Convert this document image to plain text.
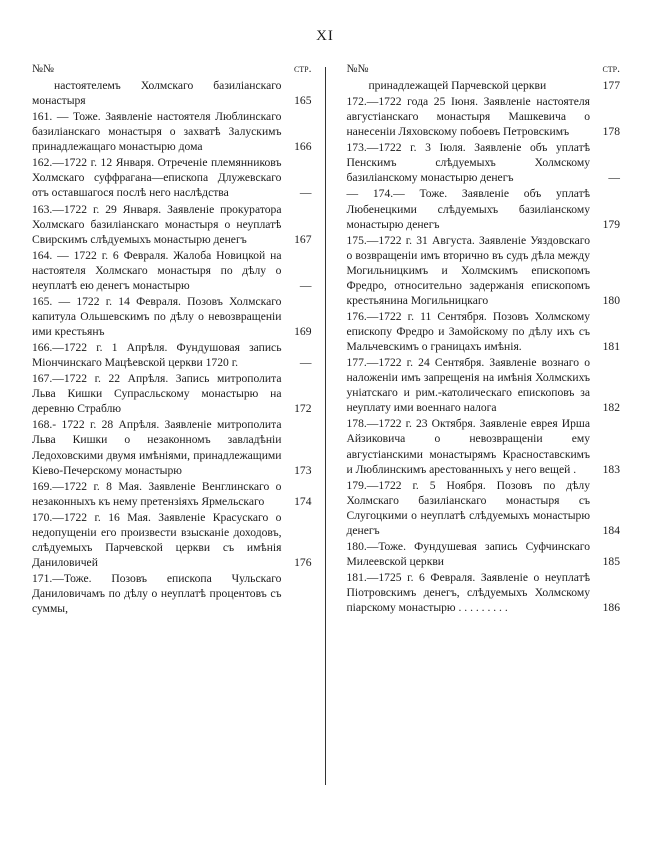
XI
№№	стр.
настоятелемъ Холмскаго базиліанскаго монастыря	165
161. — Тоже. Заявленіе настоятеля Люблинскаго базиліанскаго монастыря о захватѣ Залускимъ принадлежащаго монастырю дома	166
162.—1722 г. 12 Января. Отреченіе племянниковъ Холмскаго суффрагана—епископа Длужевскаго отъ оставшагося послѣ него наслѣдства	—
163.—1722 г. 29 Января. Заявленіе прокуратора Холмскаго базиліанскаго монастыря о неуплатѣ Свирскимъ слѣдуемыхъ монастырю денегъ	167
164. — 1722 г. 6 Февраля. Жалоба Новицкой на настоятеля Холмскаго монастыря по дѣлу о неуплатѣ ею денегъ монастырю	—
165. — 1722 г. 14 Февраля. Позовъ Холмскаго капитула Ольшевскимъ по дѣлу о невозвращеніи ими крестьянъ	169
166.—1722 г. 1 Апрѣля. Фундушовая запись Міончинскаго Мацѣевской церкви 1720 г.	—
167.—1722 г. 22 Апрѣля. Запись митрополита Льва Кишки Супрасльскому монастырю на деревню Страблю	172
168.- 1722 г. 28 Апрѣля. Заявленіе митрополита Льва Кишки о незаконномъ завладѣніи Ледоховскими двумя имѣніями, принадлежащими Кіево-Печерскому монастырю	173
169.—1722 г. 8 Мая. Заявленіе Венглинскаго о незаконныхъ къ нему претензіяхъ Ярмельскаго	174
170.—1722 г. 16 Мая. Заявленіе Красускаго о недопущеніи его произвести взысканіе доходовъ, слѣдуемыхъ Парчевской церкви съ имѣнія Даниловичей	176
171.—Тоже. Позовъ епископа Чульскаго Даниловичамъ по дѣлу о неуплатѣ процентовъ съ суммы,
№№	стр.
принадлежащей Парчевской церкви	177
172.—1722 года 25 Іюня. Заявленіе настоятеля августіанскаго монастыря Машкевича о нанесеніи Ляховскому побоевъ Петровскимъ	178
173.—1722 г. 3 Іюля. Заявленіе объ уплатѣ Пенскимъ слѣдуемыхъ Холмскому базиліанскому монастырю денегъ	—
— 174.— Тоже. Заявленіе объ уплатѣ Любенецкими слѣдуемыхъ базиліанскому монастырю денегъ	179
175.—1722 г. 31 Августа. Заявленіе Уяздовскаго о возвращеніи имъ вторично въ судъ дѣла между Могильницкимъ и Холмскимъ епископомъ Фредро, относительно задержанія епископомъ крестьянина Могильницкаго	180
176.—1722 г. 11 Сентября. Позовъ Холмскому епископу Фредро и Замойскому по дѣлу ихъ съ Мальчевскимъ о границахъ имѣнія.	181
177.—1722 г. 24 Сентября. Заявленіе вознаго о наложеніи имъ запрещенія на имѣнія Холмскихъ уніатскаго и рим.-католическаго епископовъ за неуплату ими военнаго налога	182
178.—1722 г. 23 Октября. Заявленіе еврея Ирша Айзиковича о невозвращеніи ему августіанскими монастырямъ Красноставскимъ и Люблинскимъ арестованныхъ у него вещей .	183
179.—1722 г. 5 Ноября. Позовъ по дѣлу Холмскаго базиліанскаго монастыря съ Слугоцкими о неуплатѣ слѣдуемыхъ монастырю денегъ	184
180.—Тоже. Фундушевая запись Суфчинскаго Милеевской церкви	185
181.—1725 г. 6 Февраля. Заявленіе о неуплатѣ Піотровскимъ денегъ, слѣдуемыхъ Холмскому піарскому монастырю . . . . . . . . .	186
